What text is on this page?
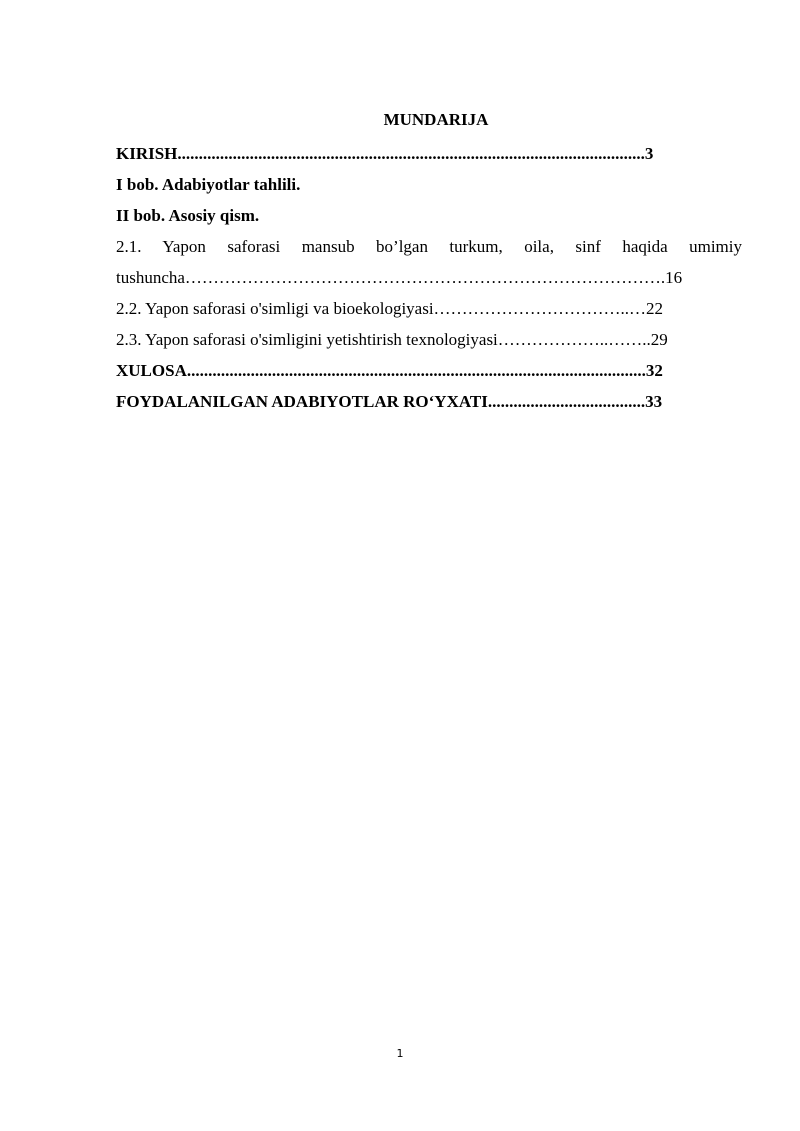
MUNDARIJA
KIRISH..............................................................................................................3
I bob. Adabiyotlar tahlili.
II bob. Asosiy qism.
2.1. Yapon saforasi mansub bo’lgan turkum, oila, sinf haqida umimiy
tushuncha………………………………………………………………………….16
2.2. Yapon saforasi o'simligi va bioekologiyasi……………………………..…22
2.3. Yapon saforasi o'simligini yetishtirish texnologiyasi………………..……..29
XULOSA............................................................................................................32
FOYDALANILGAN ADABIYOTLAR RO‘YXATI.....................................33
1
